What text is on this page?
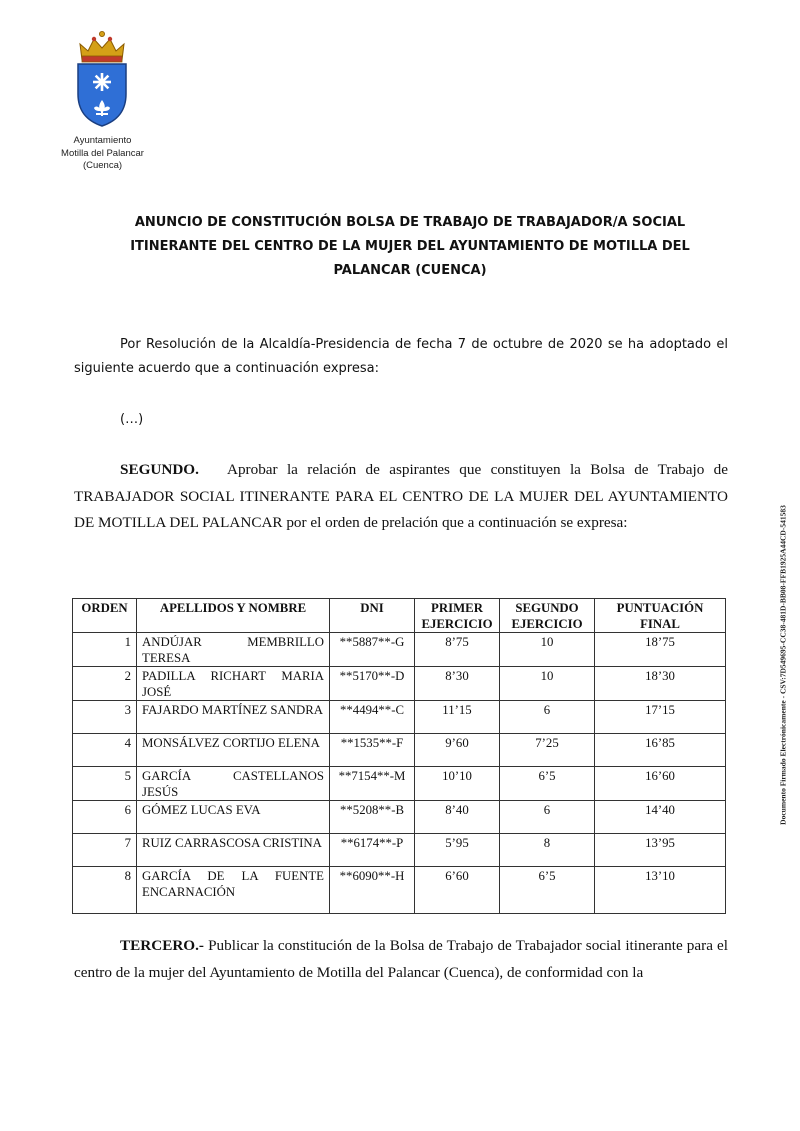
Ayuntamiento
Motilla del Palancar
(Cuenca)
ANUNCIO DE CONSTITUCIÓN BOLSA DE TRABAJO DE TRABAJADOR/A SOCIAL ITINERANTE DEL CENTRO DE LA MUJER DEL AYUNTAMIENTO DE MOTILLA DEL PALANCAR (CUENCA)
Por Resolución de la Alcaldía-Presidencia de fecha 7 de octubre de 2020 se ha adoptado el siguiente acuerdo que a continuación expresa:
(…)
SEGUNDO. Aprobar la relación de aspirantes que constituyen la Bolsa de Trabajo de TRABAJADOR SOCIAL ITINERANTE PARA EL CENTRO DE LA MUJER DEL AYUNTAMIENTO DE MOTILLA DEL PALANCAR por el orden de prelación que a continuación se expresa:
ORDEN	APELLIDOS Y NOMBRE	DNI	PRIMER EJERCICIO	SEGUNDO EJERCICIO	PUNTUACIÓN FINAL
1	ANDÚJAR MEMBRILLO TERESA	**5887**-G	8’75	10	18’75
2	PADILLA RICHART MARIA JOSÉ	**5170**-D	8’30	10	18’30
3	FAJARDO MARTÍNEZ SANDRA	**4494**-C	11’15	6	17’15
4	MONSÁLVEZ CORTIJO ELENA	**1535**-F	9’60	7’25	16’85
5	GARCÍA CASTELLANOS JESÚS	**7154**-M	10’10	6’5	16’60
6	GÓMEZ LUCAS EVA	**5208**-B	8’40	6	14’40
7	RUIZ CARRASCOSA CRISTINA	**6174**-P	5’95	8	13’95
8	GARCÍA DE LA FUENTE ENCARNACIÓN	**6090**-H	6’60	6’5	13’10
TERCERO.- Publicar la constitución de la Bolsa de Trabajo de Trabajador social itinerante para el centro de la mujer del Ayuntamiento de Motilla del Palancar (Cuenca), de conformidad con la
Documento Firmado Electrónicamente - CSV:7D549695-CC38-481D-BB08-FFB1925A44CD-541583
